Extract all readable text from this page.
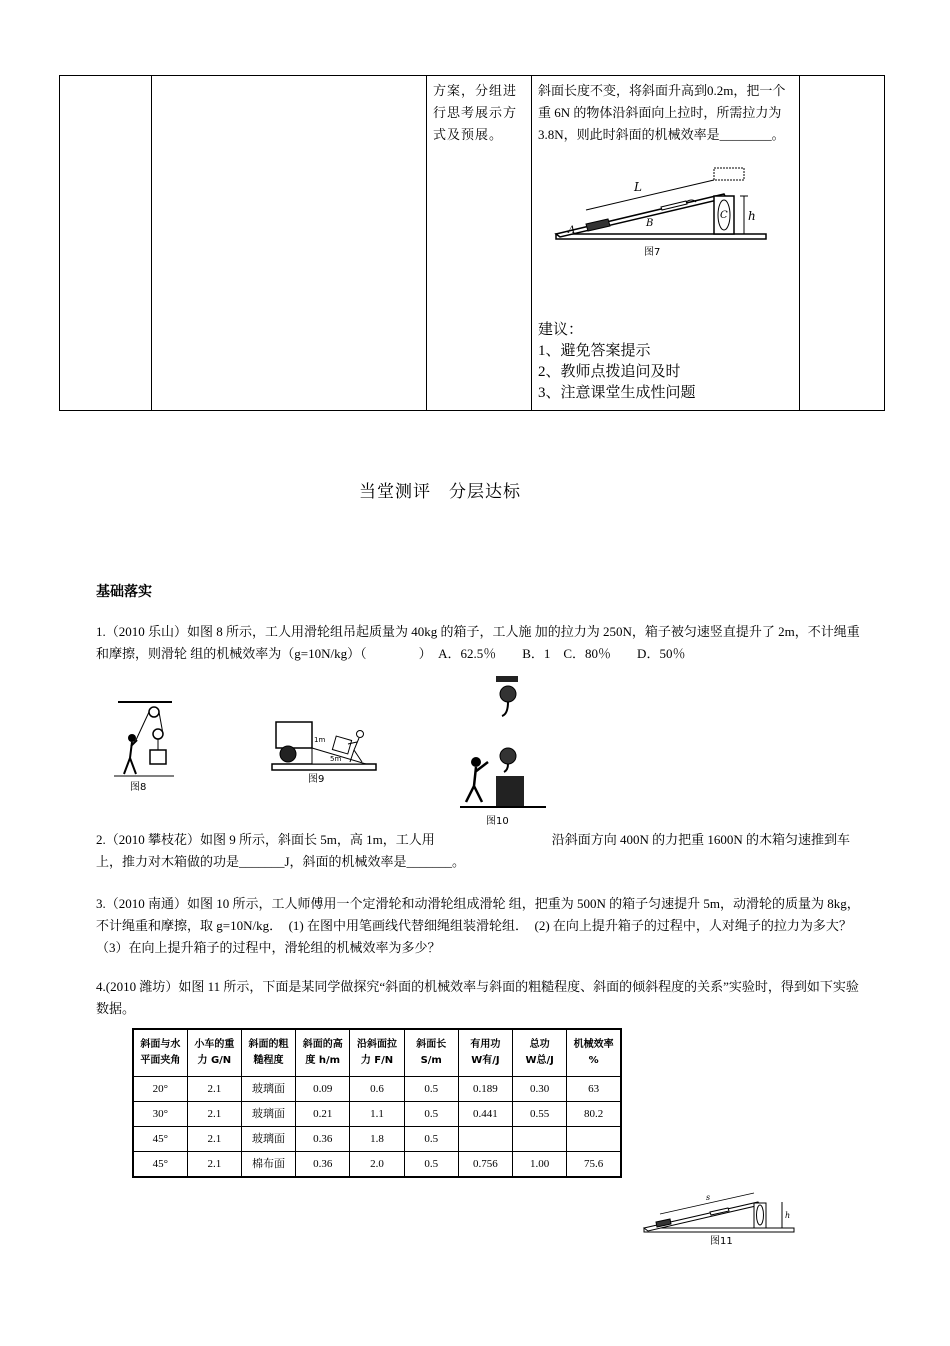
		方案，分组进行思考展示方式及预展。	
斜面长度不变，将斜面升高到0.2m，把一个重 6N 的物体沿斜面向上拉时，所需拉力为 3.8N，则此时斜面的机械效率是________。
L
A
B
C h
图7
建议：
1、避免答案提示
2、教师点拨追问及时
3、注意课堂生成性问题

当堂测评　分层达标
基础落实
1.（2010 乐山）如图 8 所示，工人用滑轮组吊起质量为 40kg 的箱子，工人施 加的拉力为 250N，箱子被匀速竖直提升了 2m，不计绳重和摩擦，则滑轮 组的机械效率为（g=10N/kg）（　　　　）　A．62.5％　　B．1　C．80％　　D．50％
图8
1m
5m
图9
图10
2.（2010 攀枝花）如图 9 所示，斜面长 5m，高 1m，工人用　　　　　　　　　沿斜面方向 400N 的力把重 1600N 的木箱匀速推到车上，推力对木箱做的功是_______J，斜面的机械效率是_______。
3.（2010 南通）如图 10 所示，工人师傅用一个定滑轮和动滑轮组成滑轮 组，把重为 500N 的箱子匀速提升 5m，动滑轮的质量为 8kg，不计绳重和摩擦，取 g=10N/kg．　(1) 在图中用笔画线代替细绳组装滑轮组．　(2) 在向上提升箱子的过程中，人对绳子的拉力为多大？（3）在向上提升箱子的过程中，滑轮组的机械效率为多少？
4.(2010 潍坊）如图 11 所示，下面是某同学做探究“斜面的机械效率与斜面的粗糙程度、斜面的倾斜程度的关系”实验时，得到如下实验数据。
斜面与水
平面夹角	小车的重
力 G/N	斜面的粗
糙程度	斜面的高
度 h/m	沿斜面拉
力 F/N	斜面长
S/m	有用功
W有/J	总功
W总/J	机械效率
%
20°	2.1	玻璃面	0.09	0.6	0.5	0.189	0.30	63
30°	2.1	玻璃面	0.21	1.1	0.5	0.441	0.55	80.2
45°	2.1	玻璃面	0.36	1.8	0.5			
45°	2.1	棉布面	0.36	2.0	0.5	0.756	1.00	75.6
s
h
图11
